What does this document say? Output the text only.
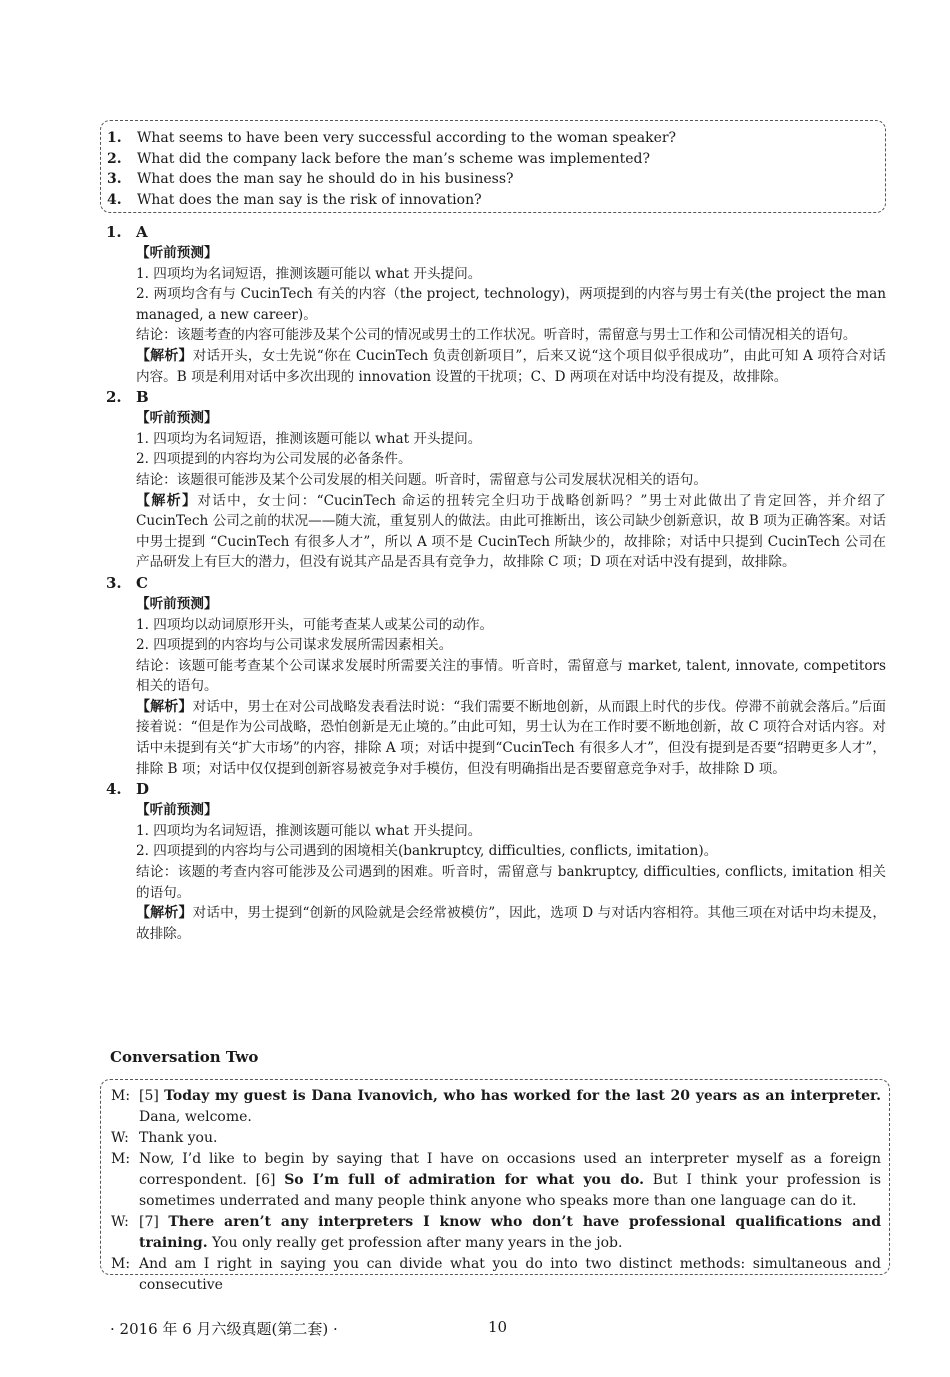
1.	What seems to have been very successful according to the woman speaker?
2.	What did the company lack before the man’s scheme was implemented?
3.	What does the man say he should do in his business?
4.	What does the man say is the risk of innovation?
1. A
【听前预测】

1. 四项均为名词短语，推测该题可能以 what 开头提问。

2. 两项均含有与 CucinTech 有关的内容（the project, technology)，两项提到的内容与男士有关(the project the man managed, a new career)。

结论：该题考查的内容可能涉及某个公司的情况或男士的工作状况。听音时，需留意与男士工作和公司情况相关的语句。

【解析】对话开头，女士先说“你在 CucinTech 负责创新项目”，后来又说“这个项目似乎很成功”，由此可知 A 项符合对话内容。B 项是利用对话中多次出现的 innovation 设置的干扰项；C、D 两项在对话中均没有提及，故排除。

2. B
【听前预测】

1. 四项均为名词短语，推测该题可能以 what 开头提问。

2. 四项提到的内容均为公司发展的必备条件。

结论：该题很可能涉及某个公司发展的相关问题。听音时，需留意与公司发展状况相关的语句。

【解析】对话中，女士问：“CucinTech 命运的扭转完全归功于战略创新吗？”男士对此做出了肯定回答，并介绍了 CucinTech 公司之前的状况——随大流，重复别人的做法。由此可推断出，该公司缺少创新意识，故 B 项为正确答案。对话中男士提到 “CucinTech 有很多人才”，所以 A 项不是 CucinTech 所缺少的，故排除；对话中只提到 CucinTech 公司在产品研发上有巨大的潜力，但没有说其产品是否具有竞争力，故排除 C 项；D 项在对话中没有提到，故排除。

3. C
【听前预测】

1. 四项均以动词原形开头，可能考查某人或某公司的动作。

2. 四项提到的内容均与公司谋求发展所需因素相关。

结论：该题可能考查某个公司谋求发展时所需要关注的事情。听音时，需留意与 market, talent, innovate, competitors 相关的语句。

【解析】对话中，男士在对公司战略发表看法时说：“我们需要不断地创新，从而跟上时代的步伐。停滞不前就会落后。”后面接着说：“但是作为公司战略，恐怕创新是无止境的。”由此可知，男士认为在工作时要不断地创新，故 C 项符合对话内容。对话中未提到有关“扩大市场”的内容，排除 A 项；对话中提到“CucinTech 有很多人才”，但没有提到是否要“招聘更多人才”，排除 B 项；对话中仅仅提到创新容易被竞争对手模仿，但没有明确指出是否要留意竞争对手，故排除 D 项。

4. D
【听前预测】

1. 四项均为名词短语，推测该题可能以 what 开头提问。

2. 四项提到的内容均与公司遇到的困境相关(bankruptcy, difficulties, conflicts, imitation)。

结论：该题的考查内容可能涉及公司遇到的困难。听音时，需留意与 bankruptcy, difficulties, conflicts, imitation 相关的语句。

【解析】对话中，男士提到“创新的风险就是会经常被模仿”，因此，选项 D 与对话内容相符。其他三项在对话中均未提及，故排除。

Conversation Two
M: [5] Today my guest is Dana Ivanovich, who has worked for the last 20 years as an interpreter. Dana, welcome.
W: Thank you.
M: Now, I’d like to begin by saying that I have on occasions used an interpreter myself as a foreign correspondent. [6] So I’m full of admiration for what you do. But I think your profession is sometimes underrated and many people think anyone who speaks more than one language can do it.
W: [7] There aren’t any interpreters I know who don’t have professional qualifications and training. You only really get profession after many years in the job.
M: And am I right in saying you can divide what you do into two distinct methods: simultaneous and consecutive
· 2016 年 6 月六级真题(第二套) ·	10
